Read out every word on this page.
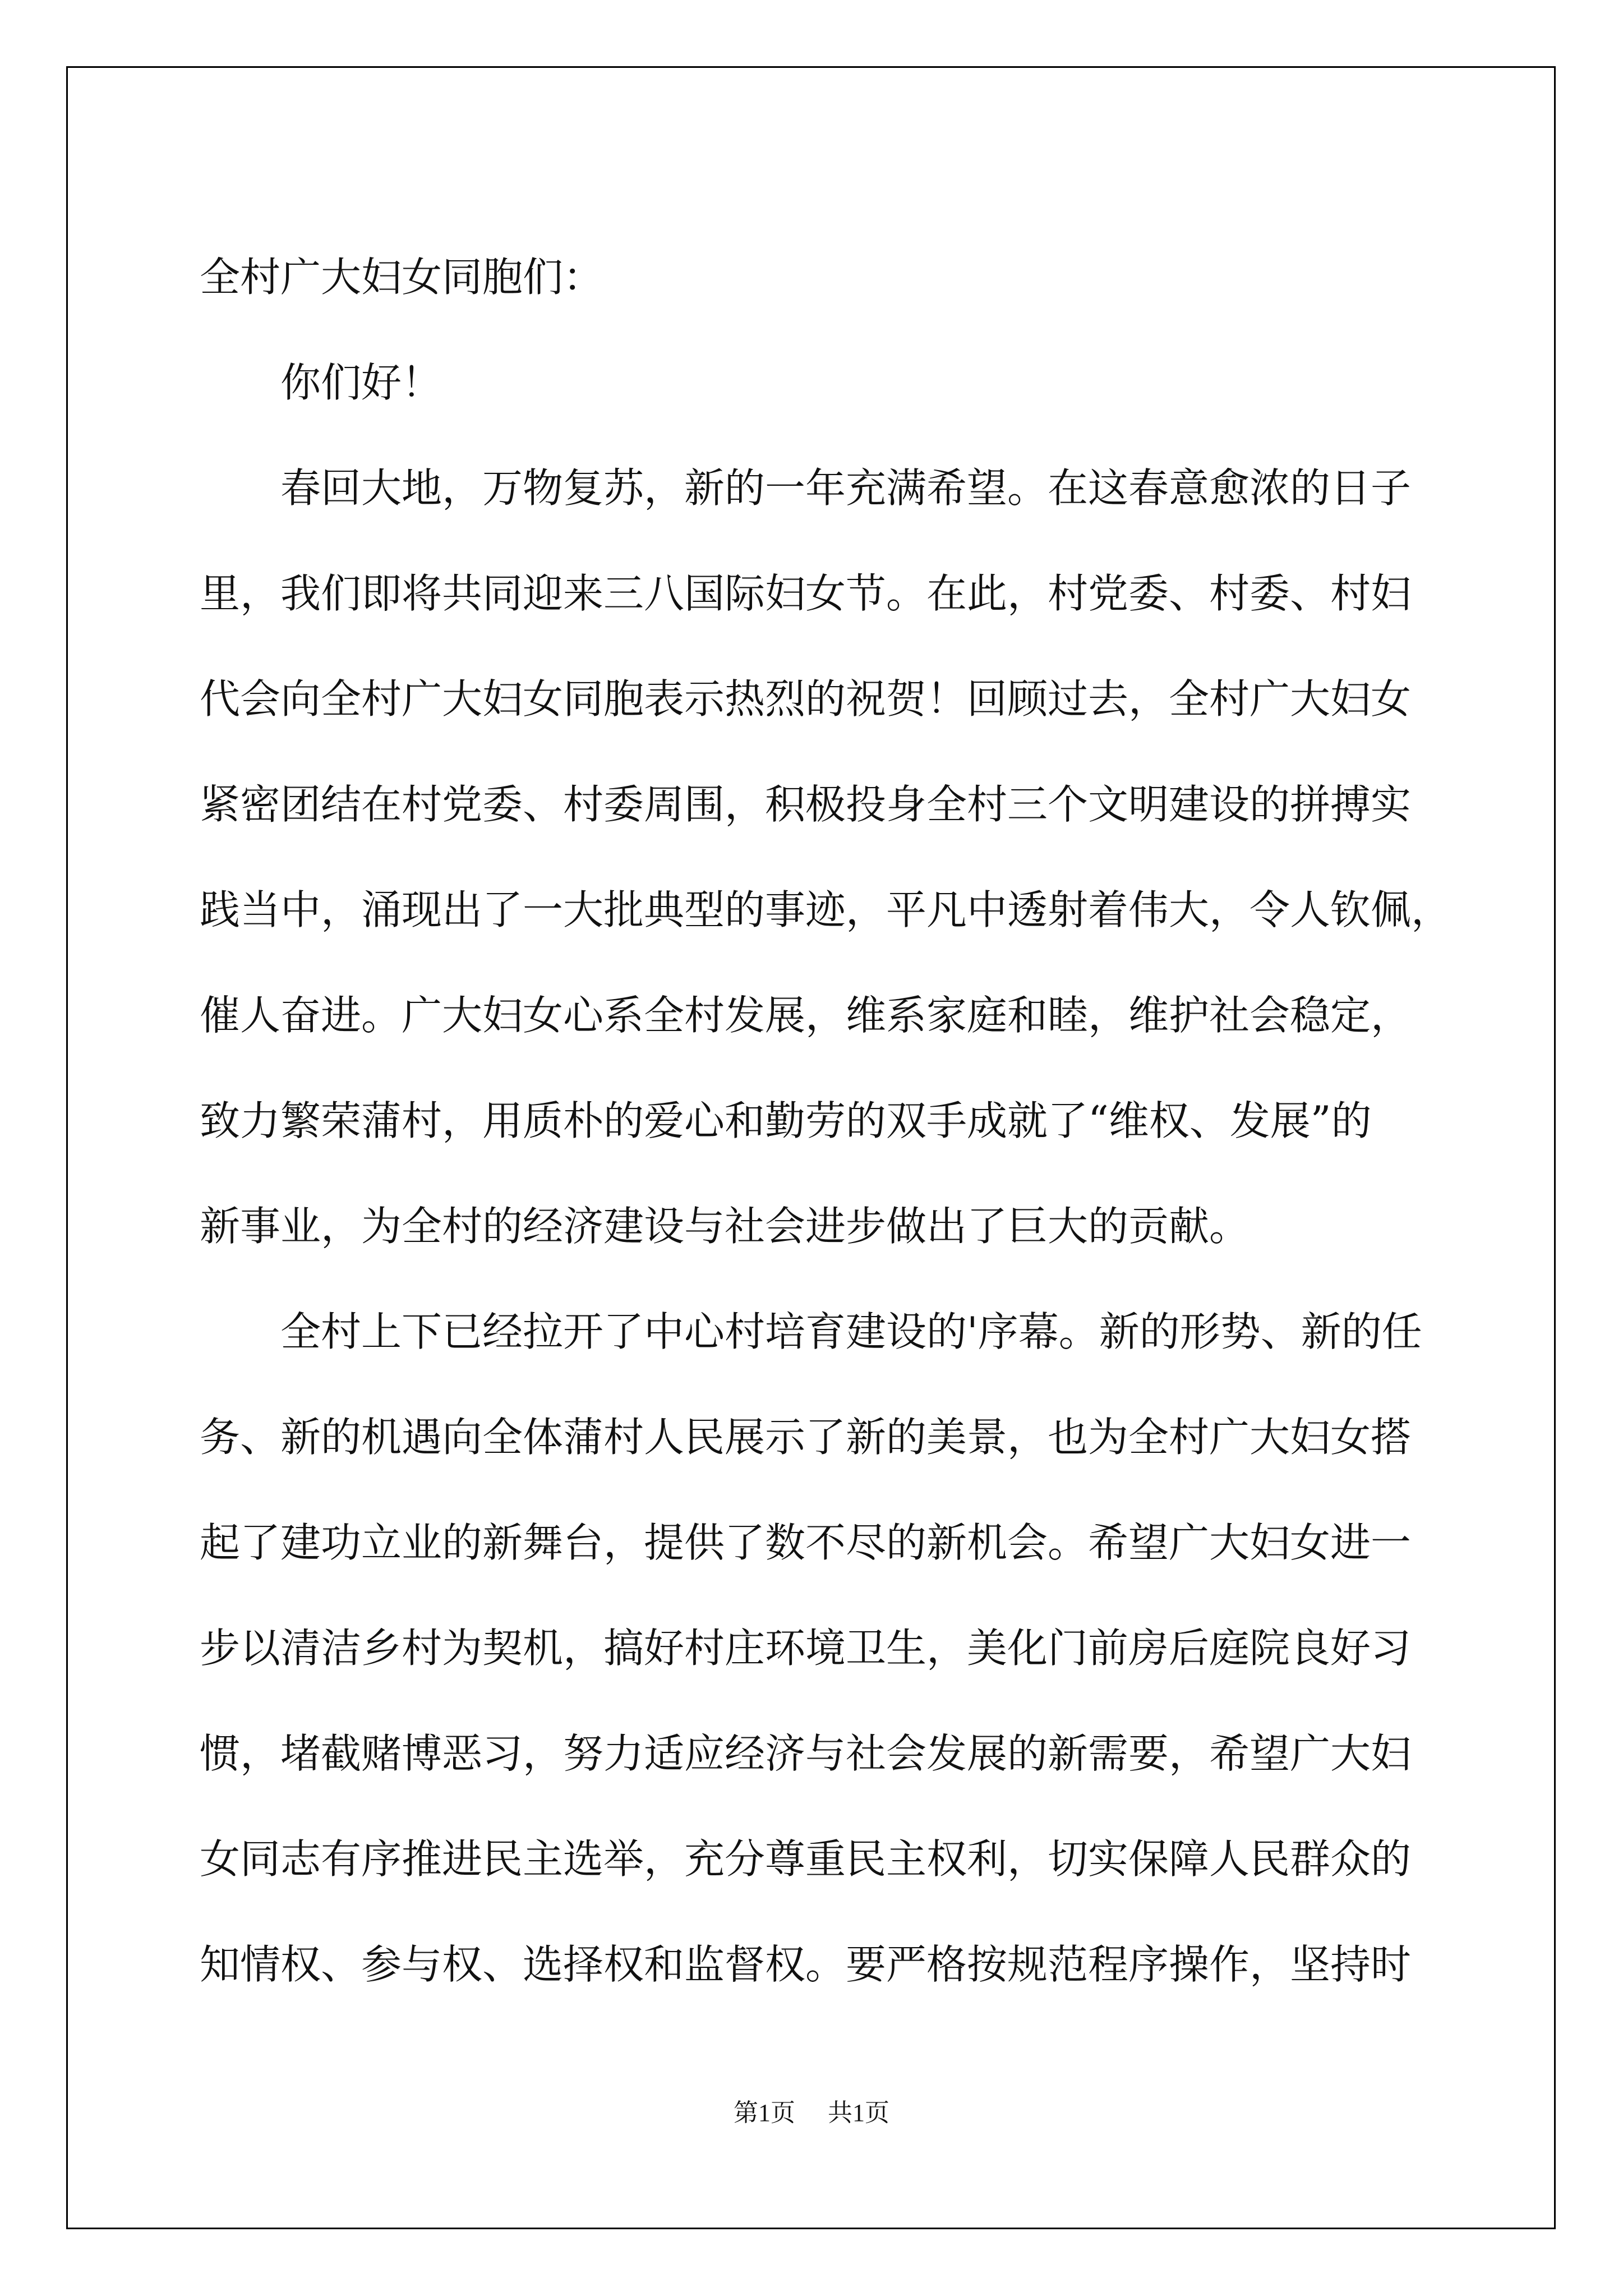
全村广大妇女同胞们：
你们好！
春回大地，万物复苏，新的一年充满希望。在这春意愈浓的日子
里，我们即将共同迎来三八国际妇女节。在此，村党委、村委、村妇
代会向全村广大妇女同胞表示热烈的祝贺！回顾过去，全村广大妇女
紧密团结在村党委、村委周围，积极投身全村三个文明建设的拼搏实
践当中，涌现出了一大批典型的事迹，平凡中透射着伟大，令人钦佩，
催人奋进。广大妇女心系全村发展，维系家庭和睦，维护社会稳定，
致力繁荣蒲村，用质朴的爱心和勤劳的双手成就了“维权、发展”的
新事业，为全村的经济建设与社会进步做出了巨大的贡献。
全村上下已经拉开了中心村培育建设的'序幕。新的形势、新的任
务、新的机遇向全体蒲村人民展示了新的美景，也为全村广大妇女搭
起了建功立业的新舞台，提供了数不尽的新机会。希望广大妇女进一
步以清洁乡村为契机，搞好村庄环境卫生，美化门前房后庭院良好习
惯，堵截赌博恶习，努力适应经济与社会发展的新需要，希望广大妇
女同志有序推进民主选举，充分尊重民主权利，切实保障人民群众的
知情权、参与权、选择权和监督权。要严格按规范程序操作，坚持时
第1页 共1页
